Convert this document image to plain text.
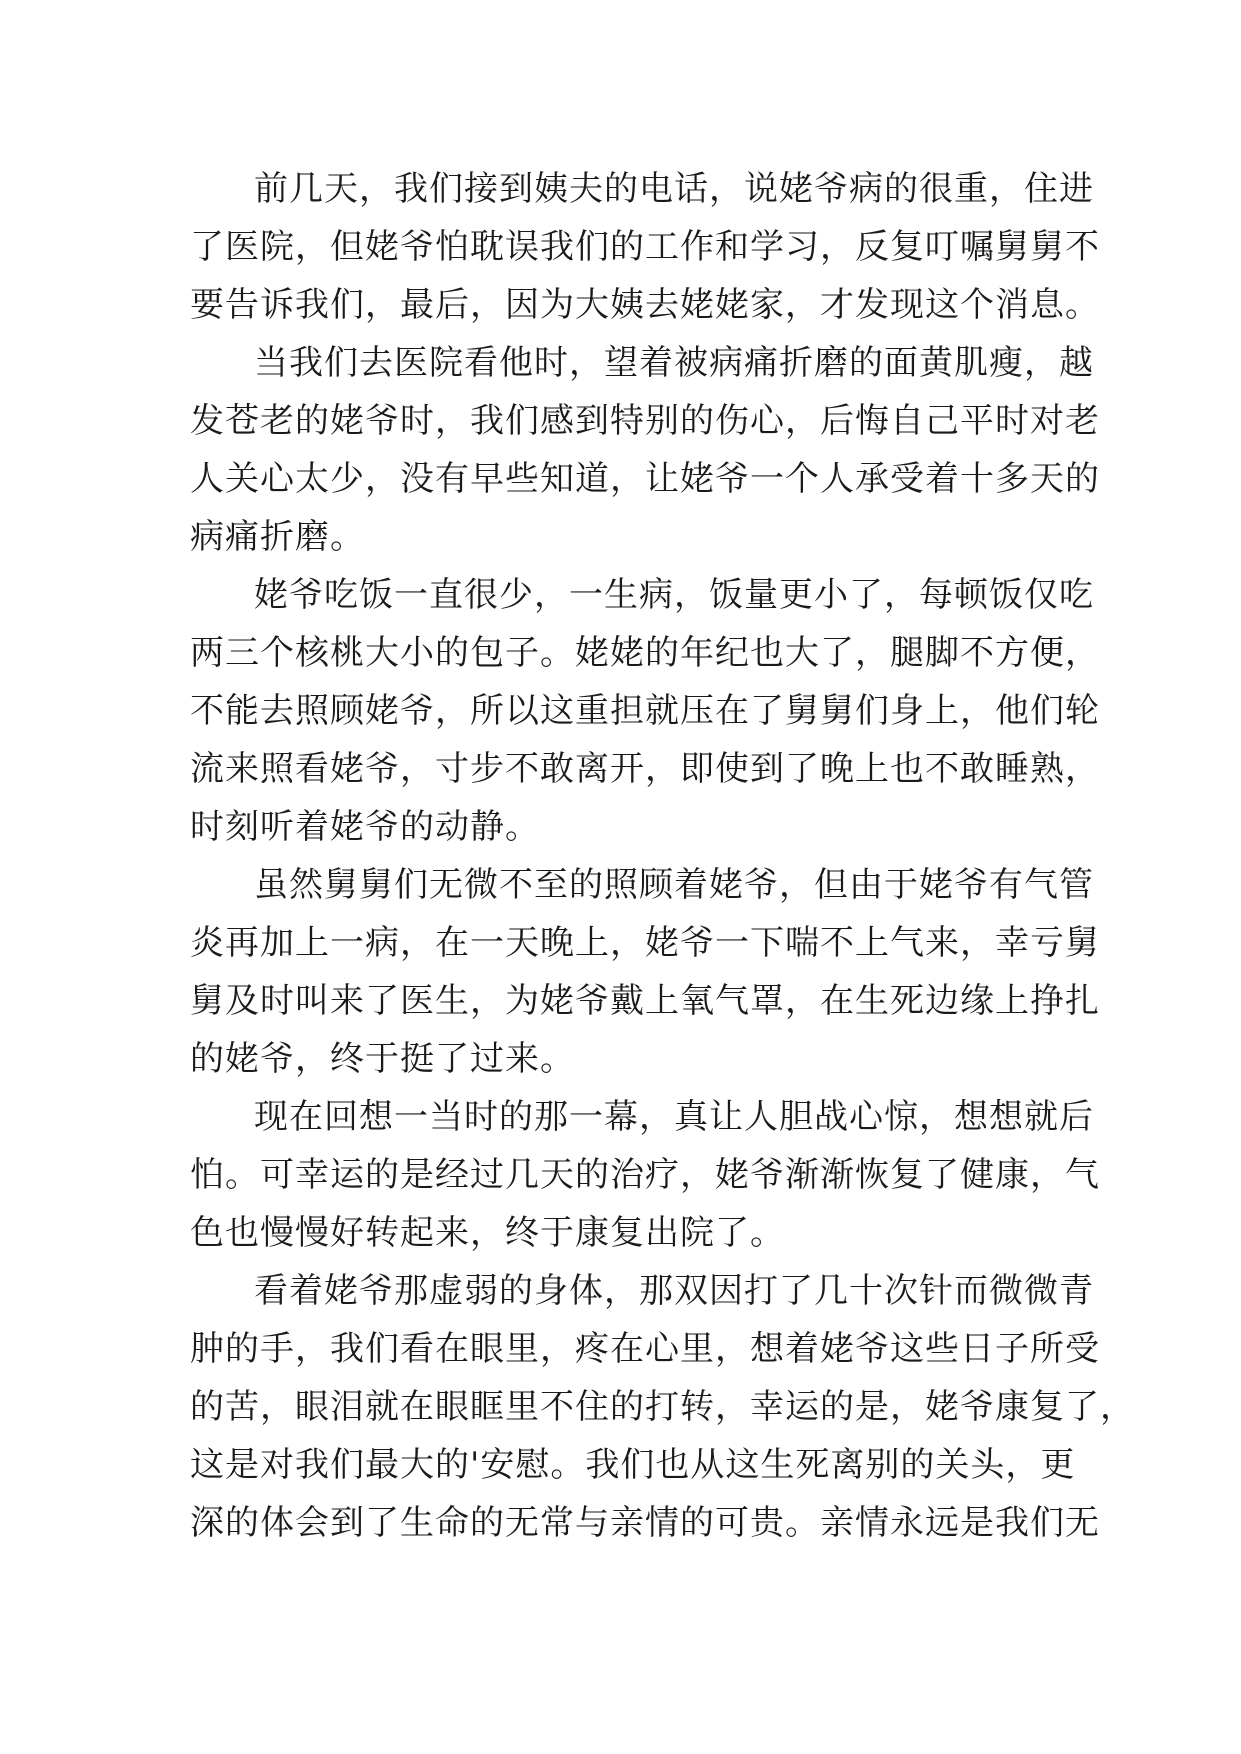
前几天，我们接到姨夫的电话，说姥爷病的很重，住进
了医院，但姥爷怕耽误我们的工作和学习，反复叮嘱舅舅不
要告诉我们，最后，因为大姨去姥姥家，才发现这个消息。
当我们去医院看他时，望着被病痛折磨的面黄肌瘦，越
发苍老的姥爷时，我们感到特别的伤心，后悔自己平时对老
人关心太少，没有早些知道，让姥爷一个人承受着十多天的
病痛折磨。
姥爷吃饭一直很少，一生病，饭量更小了，每顿饭仅吃
两三个核桃大小的包子。姥姥的年纪也大了，腿脚不方便，
不能去照顾姥爷，所以这重担就压在了舅舅们身上，他们轮
流来照看姥爷，寸步不敢离开，即使到了晚上也不敢睡熟，
时刻听着姥爷的动静。
虽然舅舅们无微不至的照顾着姥爷，但由于姥爷有气管
炎再加上一病，在一天晚上，姥爷一下喘不上气来，幸亏舅
舅及时叫来了医生，为姥爷戴上氧气罩，在生死边缘上挣扎
的姥爷，终于挺了过来。
现在回想一当时的那一幕，真让人胆战心惊，想想就后
怕。可幸运的是经过几天的治疗，姥爷渐渐恢复了健康，气
色也慢慢好转起来，终于康复出院了。
看着姥爷那虚弱的身体，那双因打了几十次针而微微青
肿的手，我们看在眼里，疼在心里，想着姥爷这些日子所受
的苦，眼泪就在眼眶里不住的打转，幸运的是，姥爷康复了，
这是对我们最大的'安慰。我们也从这生死离别的关头，更
深的体会到了生命的无常与亲情的可贵。亲情永远是我们无
